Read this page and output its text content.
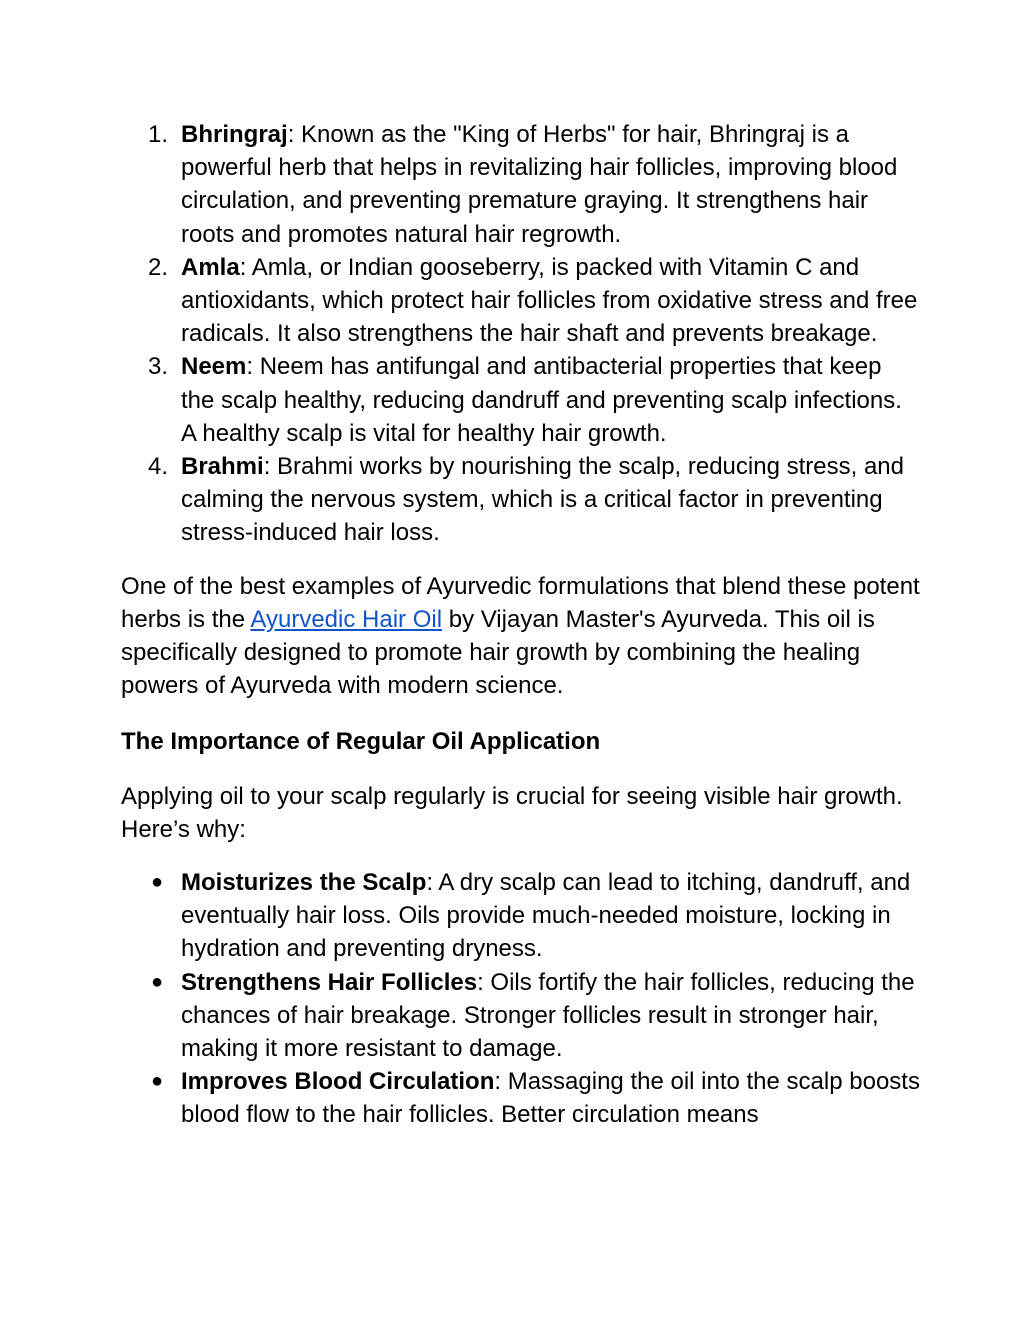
1. Bhringraj: Known as the "King of Herbs" for hair, Bhringraj is a powerful herb that helps in revitalizing hair follicles, improving blood circulation, and preventing premature graying. It strengthens hair roots and promotes natural hair regrowth.
2. Amla: Amla, or Indian gooseberry, is packed with Vitamin C and antioxidants, which protect hair follicles from oxidative stress and free radicals. It also strengthens the hair shaft and prevents breakage.
3. Neem: Neem has antifungal and antibacterial properties that keep the scalp healthy, reducing dandruff and preventing scalp infections. A healthy scalp is vital for healthy hair growth.
4. Brahmi: Brahmi works by nourishing the scalp, reducing stress, and calming the nervous system, which is a critical factor in preventing stress-induced hair loss.

One of the best examples of Ayurvedic formulations that blend these potent herbs is the Ayurvedic Hair Oil by Vijayan Master's Ayurveda. This oil is specifically designed to promote hair growth by combining the healing powers of Ayurveda with modern science.

The Importance of Regular Oil Application

Applying oil to your scalp regularly is crucial for seeing visible hair growth. Here’s why:

● Moisturizes the Scalp: A dry scalp can lead to itching, dandruff, and eventually hair loss. Oils provide much-needed moisture, locking in hydration and preventing dryness.
● Strengthens Hair Follicles: Oils fortify the hair follicles, reducing the chances of hair breakage. Stronger follicles result in stronger hair, making it more resistant to damage.
● Improves Blood Circulation: Massaging the oil into the scalp boosts blood flow to the hair follicles. Better circulation means
